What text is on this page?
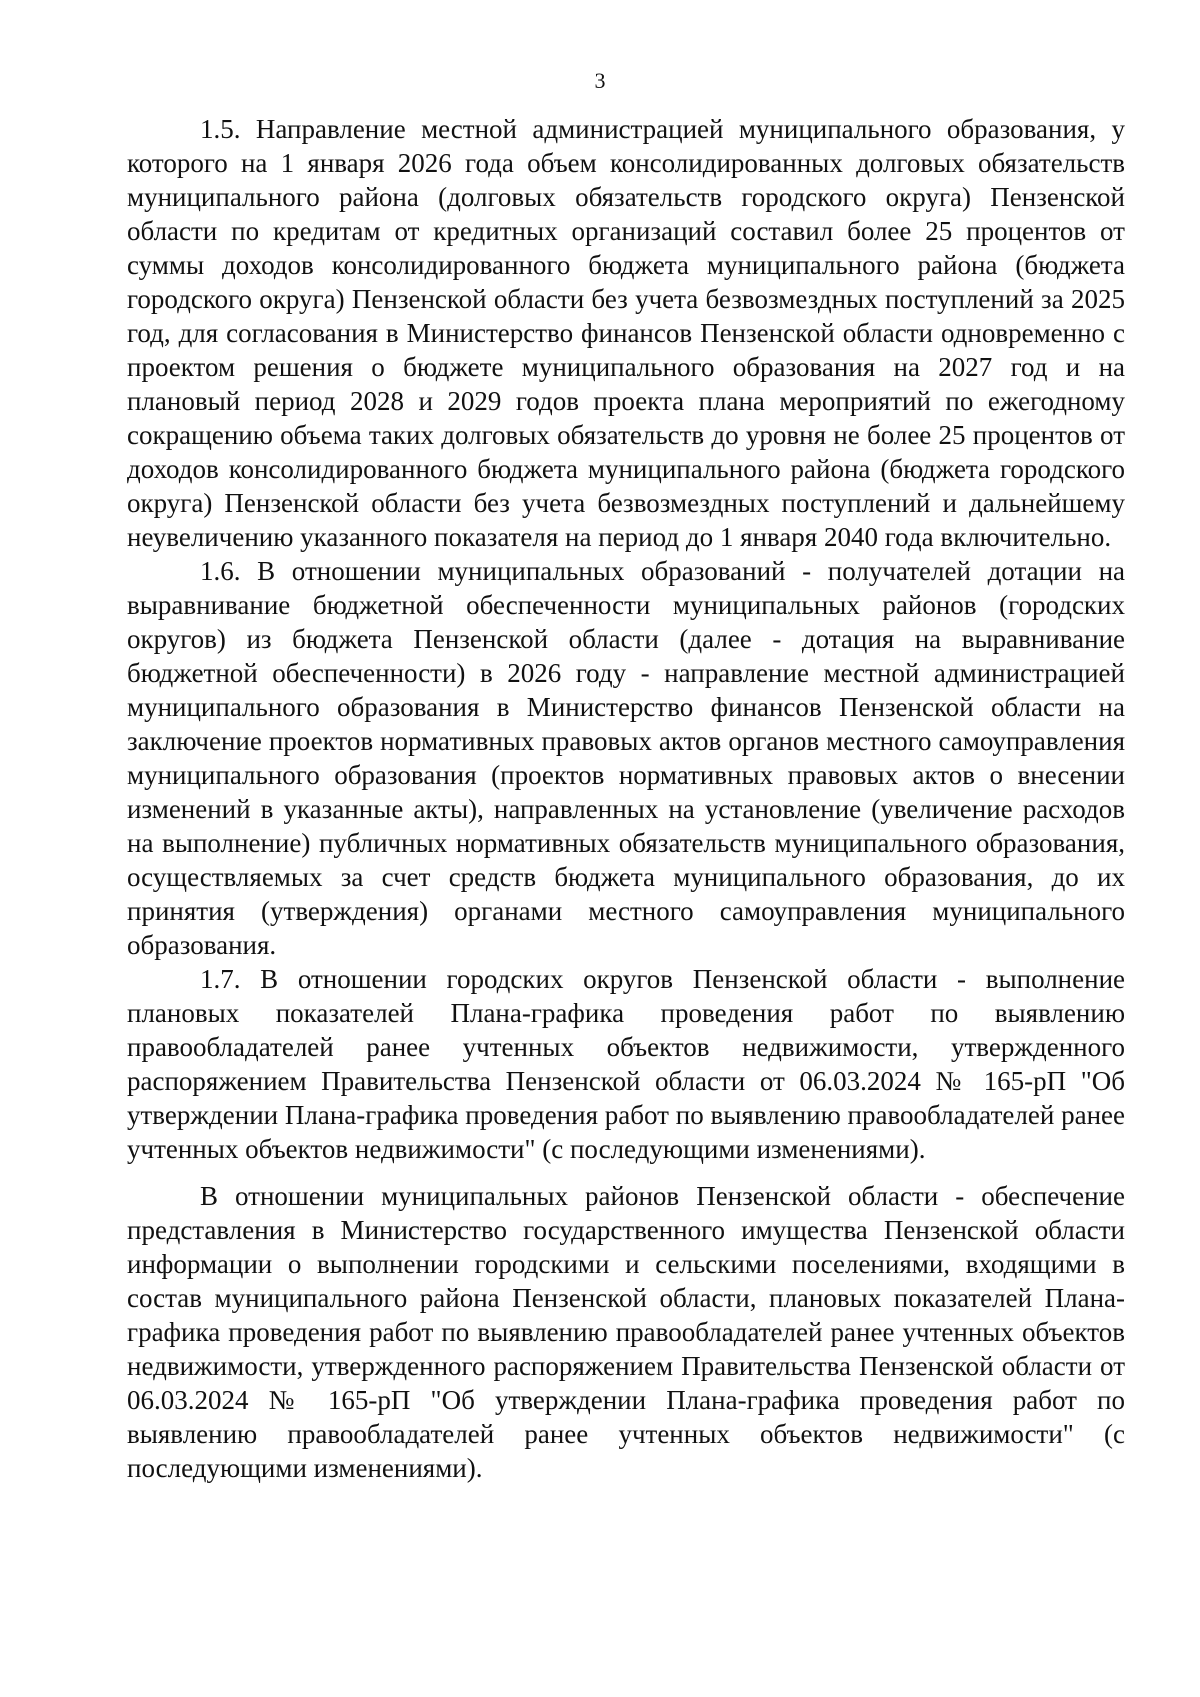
3

1.5. Направление местной администрацией муниципального образования, у которого на 1 января 2026 года объем консолидированных долговых обязательств муниципального района (долговых обязательств городского округа) Пензенской области по кредитам от кредитных организаций составил более 25 процентов от суммы доходов консолидированного бюджета муниципального района (бюджета городского округа) Пензенской области без учета безвозмездных поступлений за 2025 год, для согласования в Министерство финансов Пензенской области одновременно с проектом решения о бюджете муниципального образования на 2027 год и на плановый период 2028 и 2029 годов проекта плана мероприятий по ежегодному сокращению объема таких долговых обязательств до уровня не более 25 процентов от доходов консолидированного бюджета муниципального района (бюджета городского округа) Пензенской области без учета безвозмездных поступлений и дальнейшему неувеличению указанного показателя на период до 1 января 2040 года включительно.

1.6. В отношении муниципальных образований - получателей дотации на выравнивание бюджетной обеспеченности муниципальных районов (городских округов) из бюджета Пензенской области (далее - дотация на выравнивание бюджетной обеспеченности) в 2026 году - направление местной администрацией муниципального образования в Министерство финансов Пензенской области на заключение проектов нормативных правовых актов органов местного самоуправления муниципального образования (проектов нормативных правовых актов о внесении изменений в указанные акты), направленных на установление (увеличение расходов на выполнение) публичных нормативных обязательств муниципального образования, осуществляемых за счет средств бюджета муниципального образования, до их принятия (утверждения) органами местного самоуправления муниципального образования.

1.7. В отношении городских округов Пензенской области - выполнение плановых показателей Плана-графика проведения работ по выявлению правообладателей ранее учтенных объектов недвижимости, утвержденного распоряжением Правительства Пензенской области от 06.03.2024 № 165-рП "Об утверждении Плана-графика проведения работ по выявлению правообладателей ранее учтенных объектов недвижимости" (с последующими изменениями).

В отношении муниципальных районов Пензенской области - обеспечение представления в Министерство государственного имущества Пензенской области информации о выполнении городскими и сельскими поселениями, входящими в состав муниципального района Пензенской области, плановых показателей Плана-графика проведения работ по выявлению правообладателей ранее учтенных объектов недвижимости, утвержденного распоряжением Правительства Пензенской области от 06.03.2024 № 165-рП "Об утверждении Плана-графика проведения работ по выявлению правообладателей ранее учтенных объектов недвижимости" (с последующими изменениями).
